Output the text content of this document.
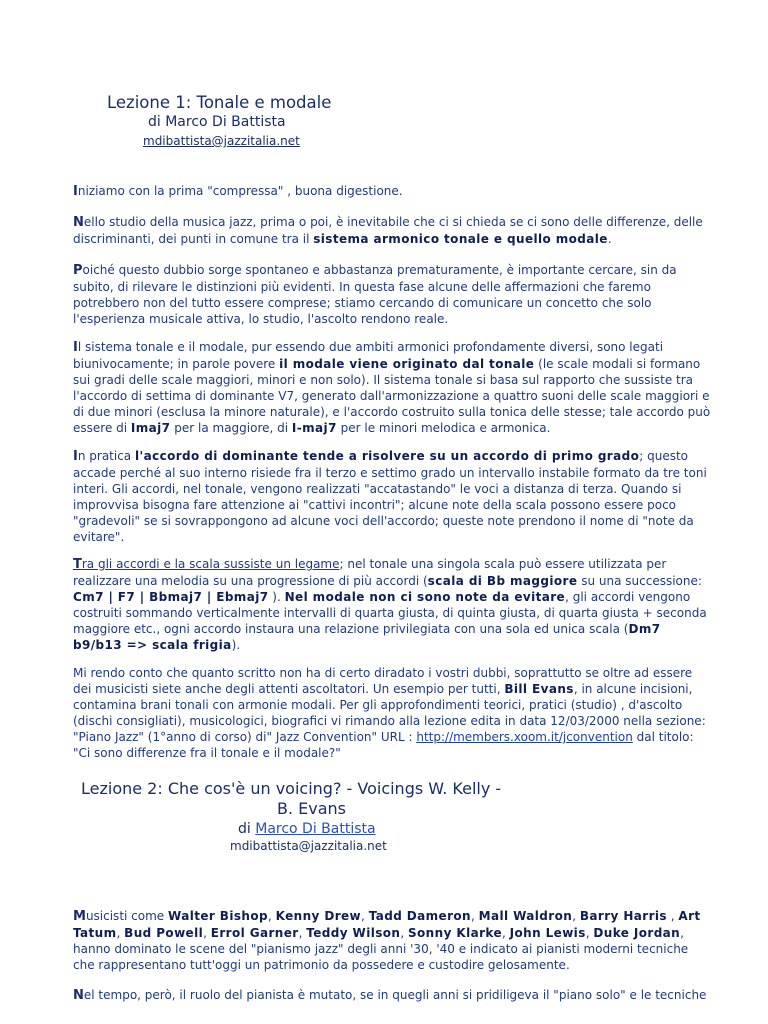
Lezione 1: Tonale e modale
di Marco Di Battista
mdibattista@jazzitalia.net

Iniziamo con la prima "compressa" , buona digestione.

Nello studio della musica jazz, prima o poi, è inevitabile che ci si chieda se ci sono delle differenze, delle discriminanti, dei punti in comune tra il sistema armonico tonale e quello modale.

Poiché questo dubbio sorge spontaneo e abbastanza prematuramente, è importante cercare, sin da subito, di rilevare le distinzioni più evidenti. In questa fase alcune delle affermazioni che faremo potrebbero non del tutto essere comprese; stiamo cercando di comunicare un concetto che solo l'esperienza musicale attiva, lo studio, l'ascolto rendono reale.

Il sistema tonale e il modale, pur essendo due ambiti armonici profondamente diversi, sono legati biunivocamente; in parole povere il modale viene originato dal tonale (le scale modali si formano sui gradi delle scale maggiori, minori e non solo). Il sistema tonale si basa sul rapporto che sussiste tra l'accordo di settima di dominante V7, generato dall'armonizzazione a quattro suoni delle scale maggiori e di due minori (esclusa la minore naturale), e l'accordo costruito sulla tonica delle stesse; tale accordo può essere di Imaj7 per la maggiore, di I-maj7 per le minori melodica e armonica.

In pratica l'accordo di dominante tende a risolvere su un accordo di primo grado; questo accade perché al suo interno risiede fra il terzo e settimo grado un intervallo instabile formato da tre toni interi. Gli accordi, nel tonale, vengono realizzati "accatastando" le voci a distanza di terza. Quando si improvvisa bisogna fare attenzione ai "cattivi incontri"; alcune note della scala possono essere poco "gradevoli" se si sovrappongono ad alcune voci dell'accordo; queste note prendono il nome di "note da evitare".

Tra gli accordi e la scala sussiste un legame; nel tonale una singola scala può essere utilizzata per realizzare una melodia su una progressione di più accordi (scala di Bb maggiore su una successione: Cm7 | F7 | Bbmaj7 | Ebmaj7 ). Nel modale non ci sono note da evitare, gli accordi vengono costruiti sommando verticalmente intervalli di quarta giusta, di quinta giusta, di quarta giusta + seconda maggiore etc., ogni accordo instaura una relazione privilegiata con una sola ed unica scala (Dm7 b9/b13 => scala frigia).

Mi rendo conto che quanto scritto non ha di certo diradato i vostri dubbi, soprattutto se oltre ad essere dei musicisti siete anche degli attenti ascoltatori. Un esempio per tutti, Bill Evans, in alcune incisioni, contamina brani tonali con armonie modali. Per gli approfondimenti teorici, pratici (studio) , d'ascolto (dischi consigliati), musicologici, biografici vi rimando alla lezione edita in data 12/03/2000 nella sezione: "Piano Jazz" (1°anno di corso) di" Jazz Convention" URL : http://members.xoom.it/jconvention dal titolo: "Ci sono differenze fra il tonale e il modale?"

Lezione 2: Che cos'è un voicing? - Voicings W. Kelly -
B. Evans
di Marco Di Battista
mdibattista@jazzitalia.net

Musicisti come Walter Bishop, Kenny Drew, Tadd Dameron, Mall Waldron, Barry Harris , Art Tatum, Bud Powell, Errol Garner, Teddy Wilson, Sonny Klarke, John Lewis, Duke Jordan, hanno dominato le scene del "pianismo jazz" degli anni '30, '40 e indicato ai pianisti moderni tecniche che rappresentano tutt'oggi un patrimonio da possedere e custodire gelosamente.

Nel tempo, però, il ruolo del pianista è mutato, se in quegli anni si pridiligeva il "piano solo" e le tecniche
